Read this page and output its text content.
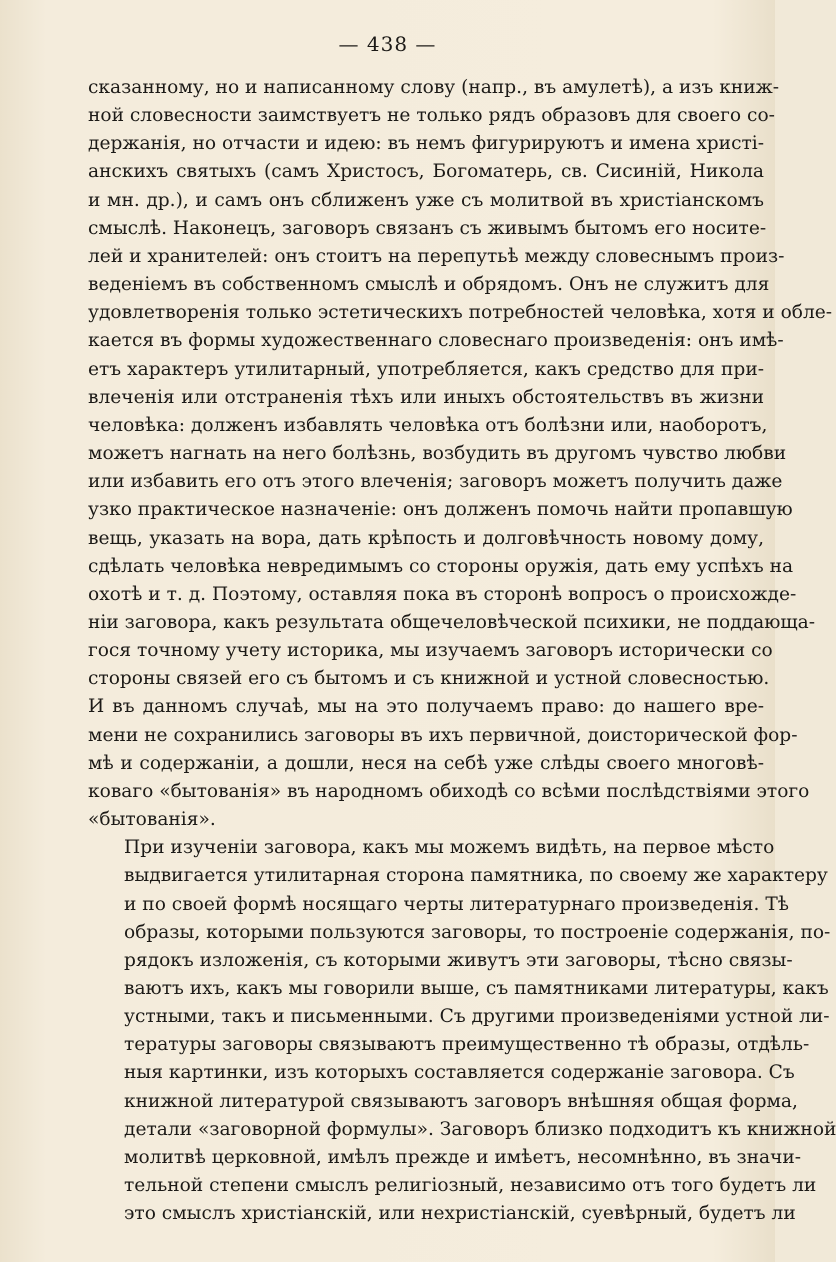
— 438 —

сказанному, но и написанному слову (напр., въ амулетѣ), а изъ книж-
ной словесности заимствуетъ не только рядъ образовъ для своего со-
держанія, но отчасти и идею: въ немъ фигурируютъ и имена христі-
анскихъ святыхъ (самъ Христосъ, Богоматерь, св. Сисиній, Никола
и мн. др.), и самъ онъ сближенъ уже съ молитвой въ христіанскомъ
смыслѣ. Наконецъ, заговоръ связанъ съ живымъ бытомъ его носите-
лей и хранителей: онъ стоитъ на перепутьѣ между словеснымъ произ-
веденіемъ въ собственномъ смыслѣ и обрядомъ. Онъ не служитъ для
удовлетворенія только эстетическихъ потребностей человѣка, хотя и обле-
кается въ формы художественнаго словеснаго произведенія: онъ имѣ-
етъ характеръ утилитарный, употребляется, какъ средство для при-
влеченія или отстраненія тѣхъ или иныхъ обстоятельствъ въ жизни
человѣка: долженъ избавлять человѣка отъ болѣзни или, наоборотъ,
можетъ нагнать на него болѣзнь, возбудить въ другомъ чувство любви
или избавить его отъ этого влеченія; заговоръ можетъ получить даже
узко практическое назначеніе: онъ долженъ помочь найти пропавшую
вещь, указать на вора, дать крѣпость и долговѣчность новому дому,
сдѣлать человѣка невредимымъ со стороны оружія, дать ему успѣхъ на
охотѣ и т. д. Поэтому, оставляя пока въ сторонѣ вопросъ о происхожде-
ніи заговора, какъ результата общечеловѣческой психики, не поддающа-
гося точному учету историка, мы изучаемъ заговоръ исторически со
стороны связей его съ бытомъ и съ книжной и устной словесностью.
И въ данномъ случаѣ, мы на это получаемъ право: до нашего вре-
мени не сохранились заговоры въ ихъ первичной, доисторической фор-
мѣ и содержаніи, а дошли, неся на себѣ уже слѣды своего многовѣ-
коваго «бытованія» въ народномъ обиходѣ со всѣми послѣдствіями этого
«бытованія».

При изученіи заговора, какъ мы можемъ видѣть, на первое мѣсто
выдвигается утилитарная сторона памятника, по своему же характеру
и по своей формѣ носящаго черты литературнаго произведенія. Тѣ
образы, которыми пользуются заговоры, то построеніе содержанія, по-
рядокъ изложенія, съ которыми живутъ эти заговоры, тѣсно связы-
ваютъ ихъ, какъ мы говорили выше, съ памятниками литературы, какъ
устными, такъ и письменными. Съ другими произведеніями устной ли-
тературы заговоры связываютъ преимущественно тѣ образы, отдѣль-
ныя картинки, изъ которыхъ составляется содержаніе заговора. Съ
книжной литературой связываютъ заговоръ внѣшняя общая форма,
детали «заговорной формулы». Заговоръ близко подходитъ къ книжной
молитвѣ церковной, имѣлъ прежде и имѣетъ, несомнѣнно, въ значи-
тельной степени смыслъ религіозный, независимо отъ того будетъ ли
это смыслъ христіанскій, или нехристіанскій, суевѣрный, будетъ ли
